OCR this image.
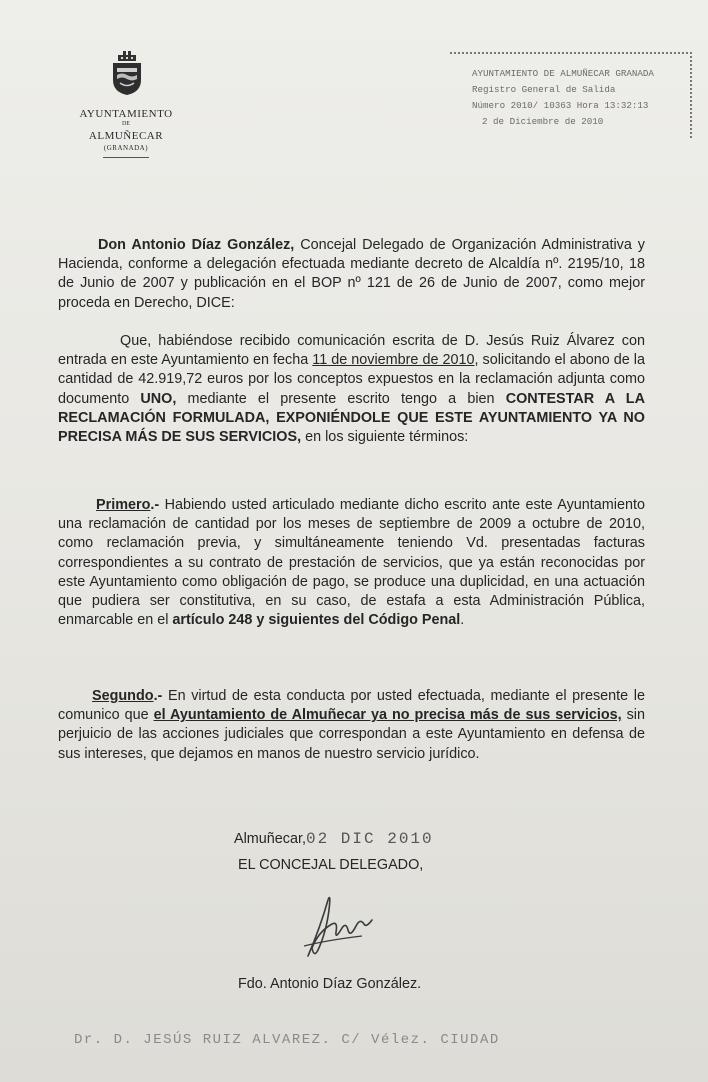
AYUNTAMIENTO
DE
ALMUÑECAR
(GRANADA)
AYUNTAMIENTO DE ALMUÑECAR GRANADA
Registro General de Salida
Número 2010/ 10363 Hora 13:32:13
2 de Diciembre de 2010

Don Antonio Díaz González, Concejal Delegado de Organización Administrativa y Hacienda, conforme a delegación efectuada mediante decreto de Alcaldía nº. 2195/10, 18 de Junio de 2007 y publicación en el BOP nº 121 de 26 de Junio de 2007, como mejor proceda en Derecho, DICE:

Que, habiéndose recibido comunicación escrita de D. Jesús Ruiz Álvarez con entrada en este Ayuntamiento en fecha 11 de noviembre de 2010, solicitando el abono de la cantidad de 42.919,72 euros por los conceptos expuestos en la reclamación adjunta como documento UNO, mediante el presente escrito tengo a bien CONTESTAR A LA RECLAMACIÓN FORMULADA, EXPONIÉNDOLE QUE ESTE AYUNTAMIENTO YA NO PRECISA MÁS DE SUS SERVICIOS, en los siguiente términos:

Primero.- Habiendo usted articulado mediante dicho escrito ante este Ayuntamiento una reclamación de cantidad por los meses de septiembre de 2009 a octubre de 2010, como reclamación previa, y simultáneamente teniendo Vd. presentadas facturas correspondientes a su contrato de prestación de servicios, que ya están reconocidas por este Ayuntamiento como obligación de pago, se produce una duplicidad, en una actuación que pudiera ser constitutiva, en su caso, de estafa a esta Administración Pública, enmarcable en el artículo 248 y siguientes del Código Penal.

Segundo.- En virtud de esta conducta por usted efectuada, mediante el presente le comunico que el Ayuntamiento de Almuñecar ya no precisa más de sus servicios, sin perjuicio de las acciones judiciales que correspondan a este Ayuntamiento en defensa de sus intereses, que dejamos en manos de nuestro servicio jurídico.

Almuñecar,02 DIC 2010
EL CONCEJAL DELEGADO,
Fdo. Antonio Díaz González.
Dr. D. JESÚS RUIZ ALVAREZ. C/ Vélez. CIUDAD
